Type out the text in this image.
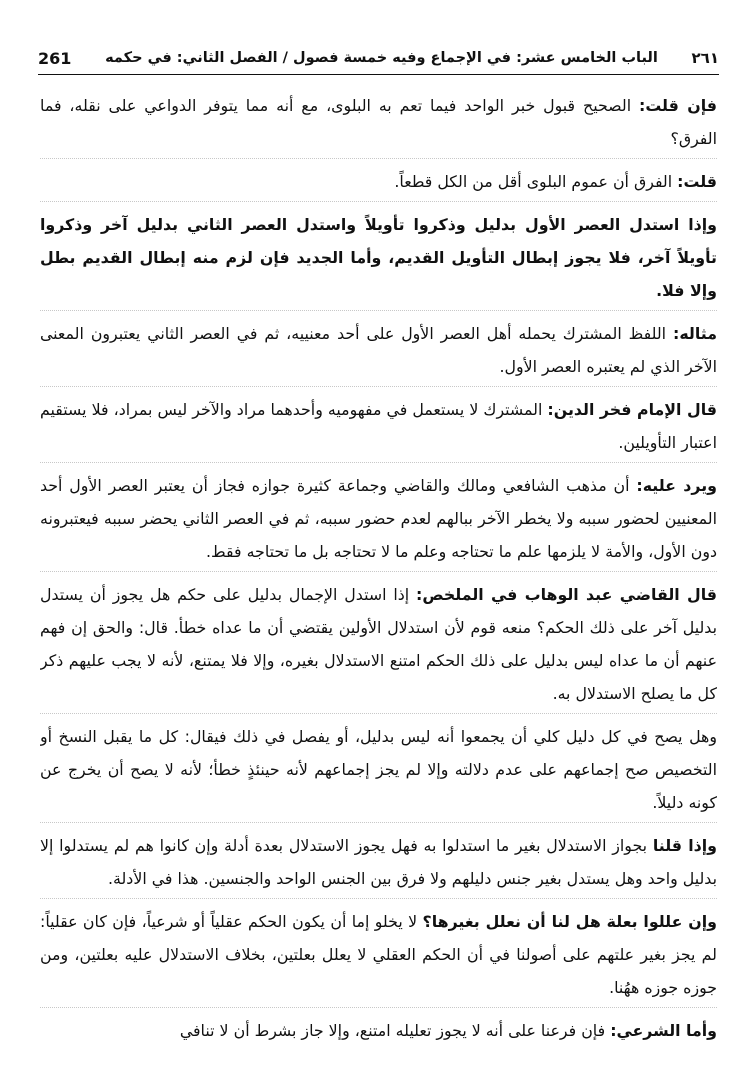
261 الباب الخامس عشر: في الإجماع وفيه خمسة فصول / الفصل الثاني: في حكمه ٢٦١

فإن قلت: الصحيح قبول خبر الواحد فيما تعم به البلوى، مع أنه مما يتوفر الدواعي على نقله، فما الفرق؟

قلت: الفرق أن عموم البلوى أقل من الكل قطعاً.

وإذا استدل العصر الأول بدليل وذكروا تأويلاً واستدل العصر الثاني بدليل آخر وذكروا تأويلاً آخر، فلا يجوز إبطال التأويل القديم، وأما الجديد فإن لزم منه إبطال القديم بطل وإلا فلا.

مثاله: اللفظ المشترك يحمله أهل العصر الأول على أحد معنييه، ثم في العصر الثاني يعتبرون المعنى الآخر الذي لم يعتبره العصر الأول.

قال الإمام فخر الدين: المشترك لا يستعمل في مفهوميه وأحدهما مراد والآخر ليس بمراد، فلا يستقيم اعتبار التأويلين.

ويرد عليه: أن مذهب الشافعي ومالك والقاضي وجماعة كثيرة جوازه فجاز أن يعتبر العصر الأول أحد المعنيين لحضور سببه ولا يخطر الآخر ببالهم لعدم حضور سببه، ثم في العصر الثاني يحضر سببه فيعتبرونه دون الأول، والأمة لا يلزمها علم ما تحتاجه وعلم ما لا تحتاجه بل ما تحتاجه فقط.

قال القاضي عبد الوهاب في الملخص: إذا استدل الإجمال بدليل على حكم هل يجوز أن يستدل بدليل آخر على ذلك الحكم؟ منعه قوم لأن استدلال الأولين يقتضي أن ما عداه خطأ. قال: والحق إن فهم عنهم أن ما عداه ليس بدليل على ذلك الحكم امتنع الاستدلال بغيره، وإلا فلا يمتنع، لأنه لا يجب عليهم ذكر كل ما يصلح الاستدلال به.

وهل يصح في كل دليل كلي أن يجمعوا أنه ليس بدليل، أو يفصل في ذلك فيقال: كل ما يقبل النسخ أو التخصيص صح إجماعهم على عدم دلالته وإلا لم يجز إجماعهم لأنه حينئذٍ خطأ؛ لأنه لا يصح أن يخرج عن كونه دليلاً.

وإذا قلنا بجواز الاستدلال بغير ما استدلوا به فهل يجوز الاستدلال بعدة أدلة وإن كانوا هم لم يستدلوا إلا بدليل واحد وهل يستدل بغير جنس دليلهم ولا فرق بين الجنس الواحد والجنسين. هذا في الأدلة.

وإن عللوا بعلة هل لنا أن نعلل بغيرها؟ لا يخلو إما أن يكون الحكم عقلياً أو شرعياً، فإن كان عقلياً: لم يجز بغير علتهم على أصولنا في أن الحكم العقلي لا يعلل بعلتين، بخلاف الاستدلال عليه بعلتين، ومن جوزه جوزه ههُنا.

وأما الشرعي: فإن فرعنا على أنه لا يجوز تعليله امتنع، وإلا جاز بشرط أن لا تنافي
